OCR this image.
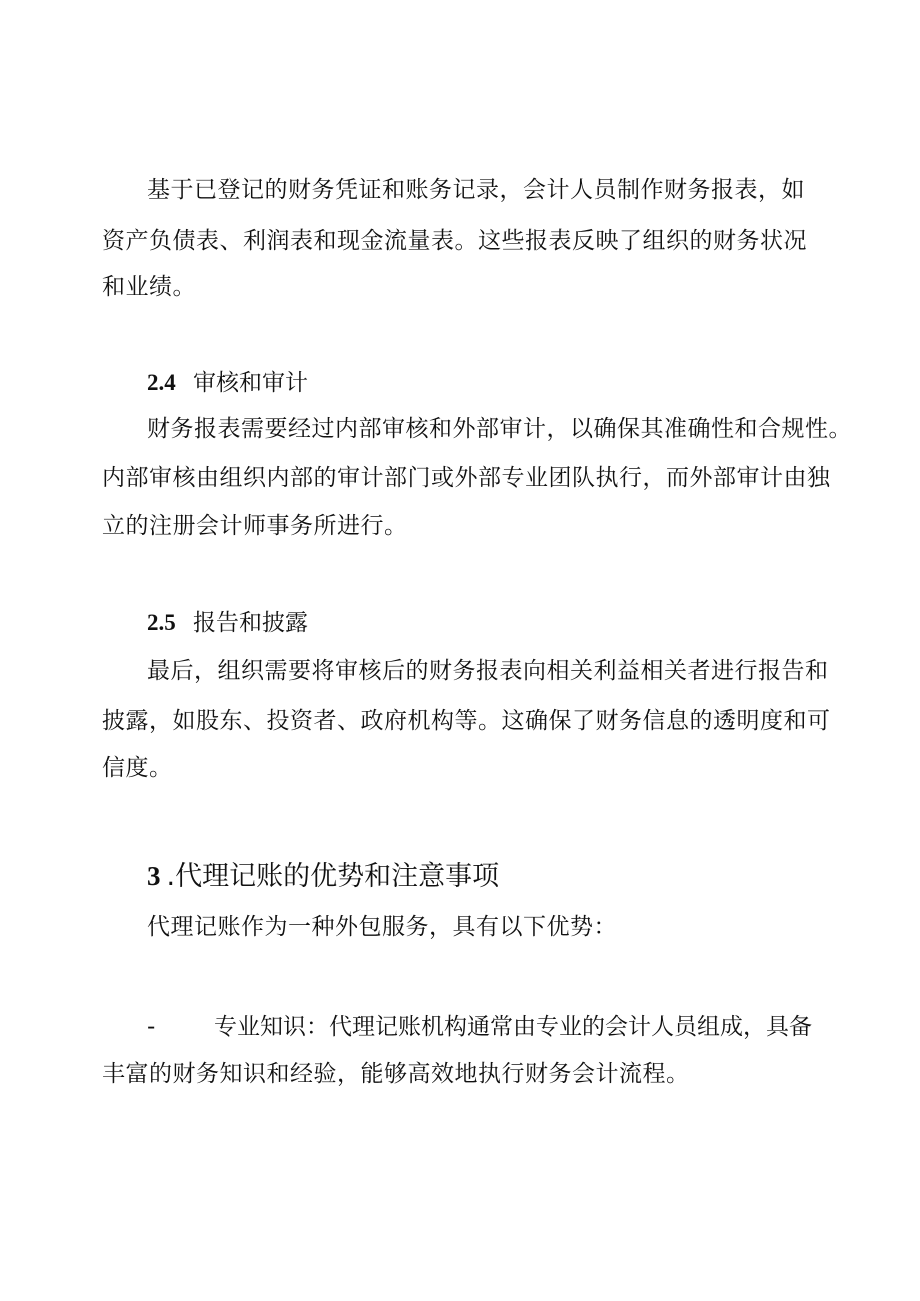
基于已登记的财务凭证和账务记录，会计人员制作财务报表，如
资产负债表、利润表和现金流量表。这些报表反映了组织的财务状况
和业绩。
2.4 审核和审计
财务报表需要经过内部审核和外部审计，以确保其准确性和合规性。
内部审核由组织内部的审计部门或外部专业团队执行，而外部审计由独
立的注册会计师事务所进行。
2.5 报告和披露
最后，组织需要将审核后的财务报表向相关利益相关者进行报告和
披露，如股东、投资者、政府机构等。这确保了财务信息的透明度和可
信度。
3 .代理记账的优势和注意事项
代理记账作为一种外包服务，具有以下优势：
-	专业知识：代理记账机构通常由专业的会计人员组成，具备
丰富的财务知识和经验，能够高效地执行财务会计流程。
